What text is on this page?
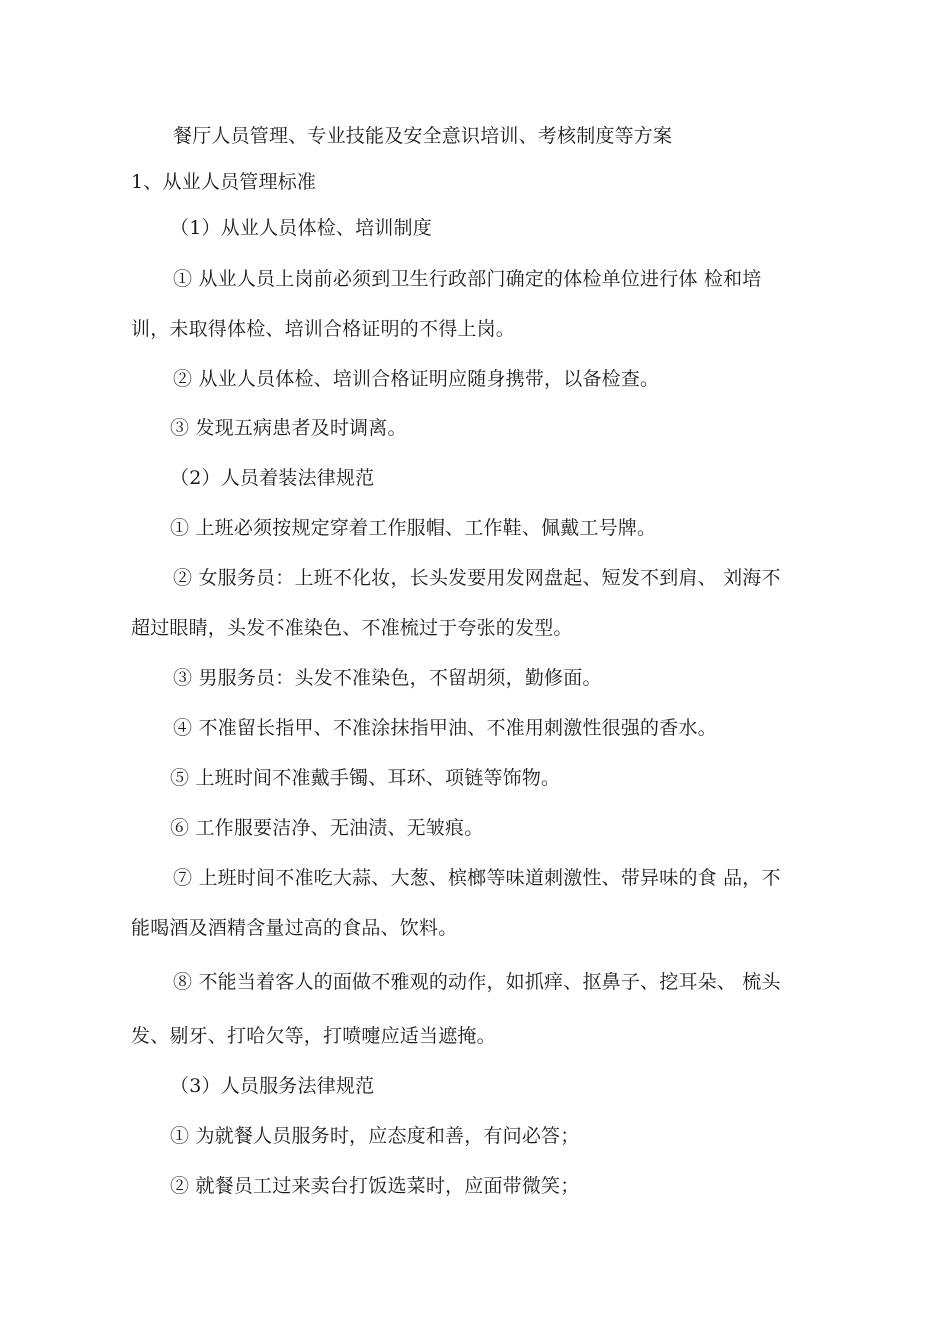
餐厅人员管理、专业技能及安全意识培训、考核制度等方案
1、从业人员管理标准
（1）从业人员体检、培训制度
① 从业人员上岗前必须到卫生行政部门确定的体检单位进行体 检和培
训，未取得体检、培训合格证明的不得上岗。
② 从业人员体检、培训合格证明应随身携带，以备检查。
③ 发现五病患者及时调离。
（2）人员着装法律规范
① 上班必须按规定穿着工作服帽、工作鞋、佩戴工号牌。
② 女服务员：上班不化妆，长头发要用发网盘起、短发不到肩、 刘海不
超过眼睛，头发不准染色、不准梳过于夸张的发型。
③ 男服务员：头发不准染色，不留胡须，勤修面。
④ 不准留长指甲、不准涂抹指甲油、不准用刺激性很强的香水。
⑤ 上班时间不准戴手镯、耳环、项链等饰物。
⑥ 工作服要洁净、无油渍、无皱痕。
⑦ 上班时间不准吃大蒜、大葱、槟榔等味道刺激性、带异味的食 品，不
能喝酒及酒精含量过高的食品、饮料。
⑧ 不能当着客人的面做不雅观的动作，如抓痒、抠鼻子、挖耳朵、 梳头
发、剔牙、打哈欠等，打喷嚏应适当遮掩。
（3）人员服务法律规范
① 为就餐人员服务时，应态度和善，有问必答；
② 就餐员工过来卖台打饭选菜时，应面带微笑；
